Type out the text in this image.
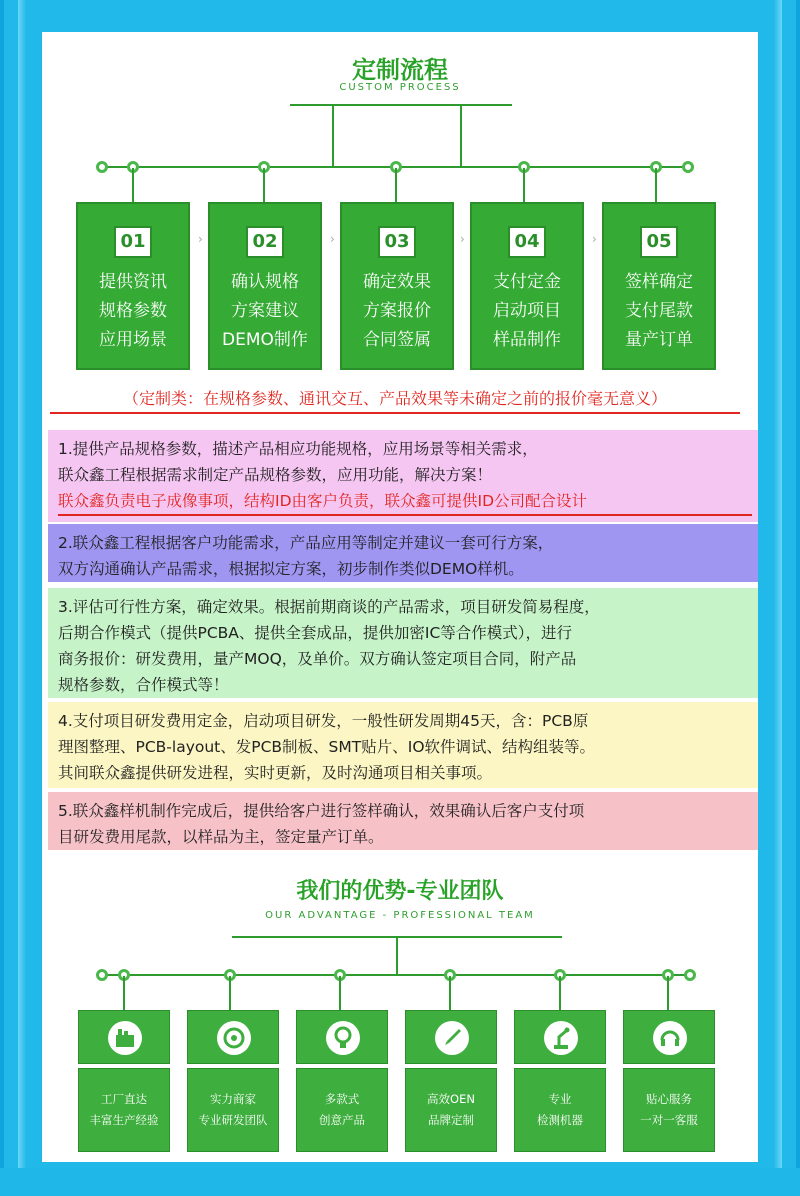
定制流程
CUSTOM PROCESS
01
提供资讯
规格参数
应用场景
›	02
确认规格
方案建议
DEMO制作
›	03
确定效果
方案报价
合同签属
›	04
支付定金
启动项目
样品制作
›	05
签样确定
支付尾款
量产订单
（定制类：在规格参数、通讯交互、产品效果等未确定之前的报价毫无意义）
1.提供产品规格参数，描述产品相应功能规格，应用场景等相关需求，
联众鑫工程根据需求制定产品规格参数，应用功能，解决方案！
联众鑫负责电子成像事项，结构ID由客户负责，联众鑫可提供ID公司配合设计
2.联众鑫工程根据客户功能需求，产品应用等制定并建议一套可行方案，
双方沟通确认产品需求，根据拟定方案，初步制作类似DEMO样机。
3.评估可行性方案，确定效果。根据前期商谈的产品需求，项目研发简易程度，
后期合作模式（提供PCBA、提供全套成品，提供加密IC等合作模式），进行
商务报价：研发费用，量产MOQ，及单价。双方确认签定项目合同，附产品
规格参数，合作模式等！
4.支付项目研发费用定金，启动项目研发，一般性研发周期45天，含：PCB原
理图整理、PCB-layout、发PCB制板、SMT贴片、IO软件调试、结构组装等。
其间联众鑫提供研发进程，实时更新，及时沟通项目相关事项。
5.联众鑫样机制作完成后，提供给客户进行签样确认，效果确认后客户支付项
目研发费用尾款，以样品为主，签定量产订单。
我们的优势-专业团队
OUR ADVANTAGE - PROFESSIONAL TEAM
工厂直达
丰富生产经验
实力商家
专业研发团队
多款式
创意产品
高效OEN
品牌定制
专业
检测机器
贴心服务
一对一客服
